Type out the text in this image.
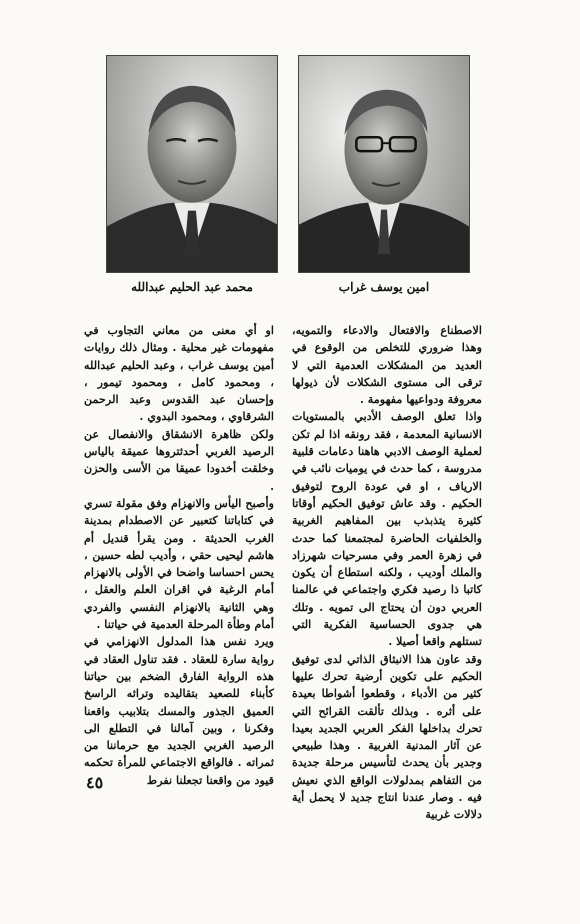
امين يوسف غراب
محمد عبد الحليم عبدالله

الاصطناع والافتعال والادعاء والتمويه، وهذا ضروري للتخلص من الوقوع في العديد من المشكلات العدمية التي لا ترقى الى مستوى الشكلات لأن ذيولها معروفة ودواعيها مفهومة .

واذا تعلق الوصف الأدبي بالمستويات الانسانية المعدمة ، فقد رونقه اذا لم تكن لعملية الوصف الادبي هاهنا دعامات قلبية مدروسة ، كما حدث في يوميات نائب في الارياف ، او في عودة الروح لتوفيق الحكيم . وقد عاش توفيق الحكيم أوقاتا كثيرة يتذبذب بين المفاهيم الغربية والخلفيات الحاضرة لمجتمعنا كما حدث في زهرة العمر وفي مسرحيات شهرزاد والملك أوديب ، ولكنه استطاع أن يكون كاتبا ذا رصيد فكري واجتماعي في عالمنا العربي دون أن يحتاج الى تمويه . وتلك هي جدوى الحساسية الفكرية التي تستلهم واقعا أصيلا .

وقد عاون هذا الانبثاق الذاتي لدى توفيق الحكيم على تكوين أرضية تحرك عليها كثير من الأدباء ، وقطعوا أشواطا بعيدة على أثره . وبذلك تألقت القرائح التي تحرك بداخلها الفكر العربي الجديد بعيدا عن آثار المدنية الغربية . وهذا طبيعي وجدير بأن يحدث لتأسيس مرحلة جديدة من التفاهم بمدلولات الواقع الذي نعيش فيه . وصار عندنا انتاج جديد لا يحمل أية دلالات غربية

او أي معنى من معاني التجاوب في مفهومات غير محلية . ومثال ذلك روايات أمين يوسف غراب ، وعبد الحليم عبدالله ، ومحمود كامل ، ومحمود تيمور ، وإحسان عبد القدوس وعبد الرحمن الشرقاوي ، ومحمود البدوي .

ولكن ظاهرة الانشقاق والانفصال عن الرصيد الغربي أحدثتروها عميقة بالياس وخلقت أخدودا عميقا من الأسى والحزن .

وأصبح اليأس والانهزام وفق مقولة تسري في كتاباتنا كتعبير عن الاصطدام بمدينة الغرب الحديثة . ومن يقرأ قنديل أم هاشم ليحيى حقي ، وأديب لطه حسين ، يحس احساسا واضحا في الأولى بالانهزام أمام الرغبة في اقران العلم والعقل ، وهي الثانية بالانهزام النفسي والفردي أمام وطأة المرحلة العدمية في حياتنا .

ويرد نفس هذا المدلول الانهزامي في رواية سارة للعقاد . فقد تناول العقاد في هذه الرواية الفارق الضخم بين حياتنا كأبناء للصعيد بتقاليده وتراثه الراسخ العميق الجذور والمسك بتلابيب واقعنا وفكرنا ، وبين آمالنا في التطلع الى الرصيد الغربي الجديد مع حرماننا من ثمراته . فالواقع الاجتماعي للمرأة تحكمه قيود من واقعنا تجعلنا نفرط

٤٥
